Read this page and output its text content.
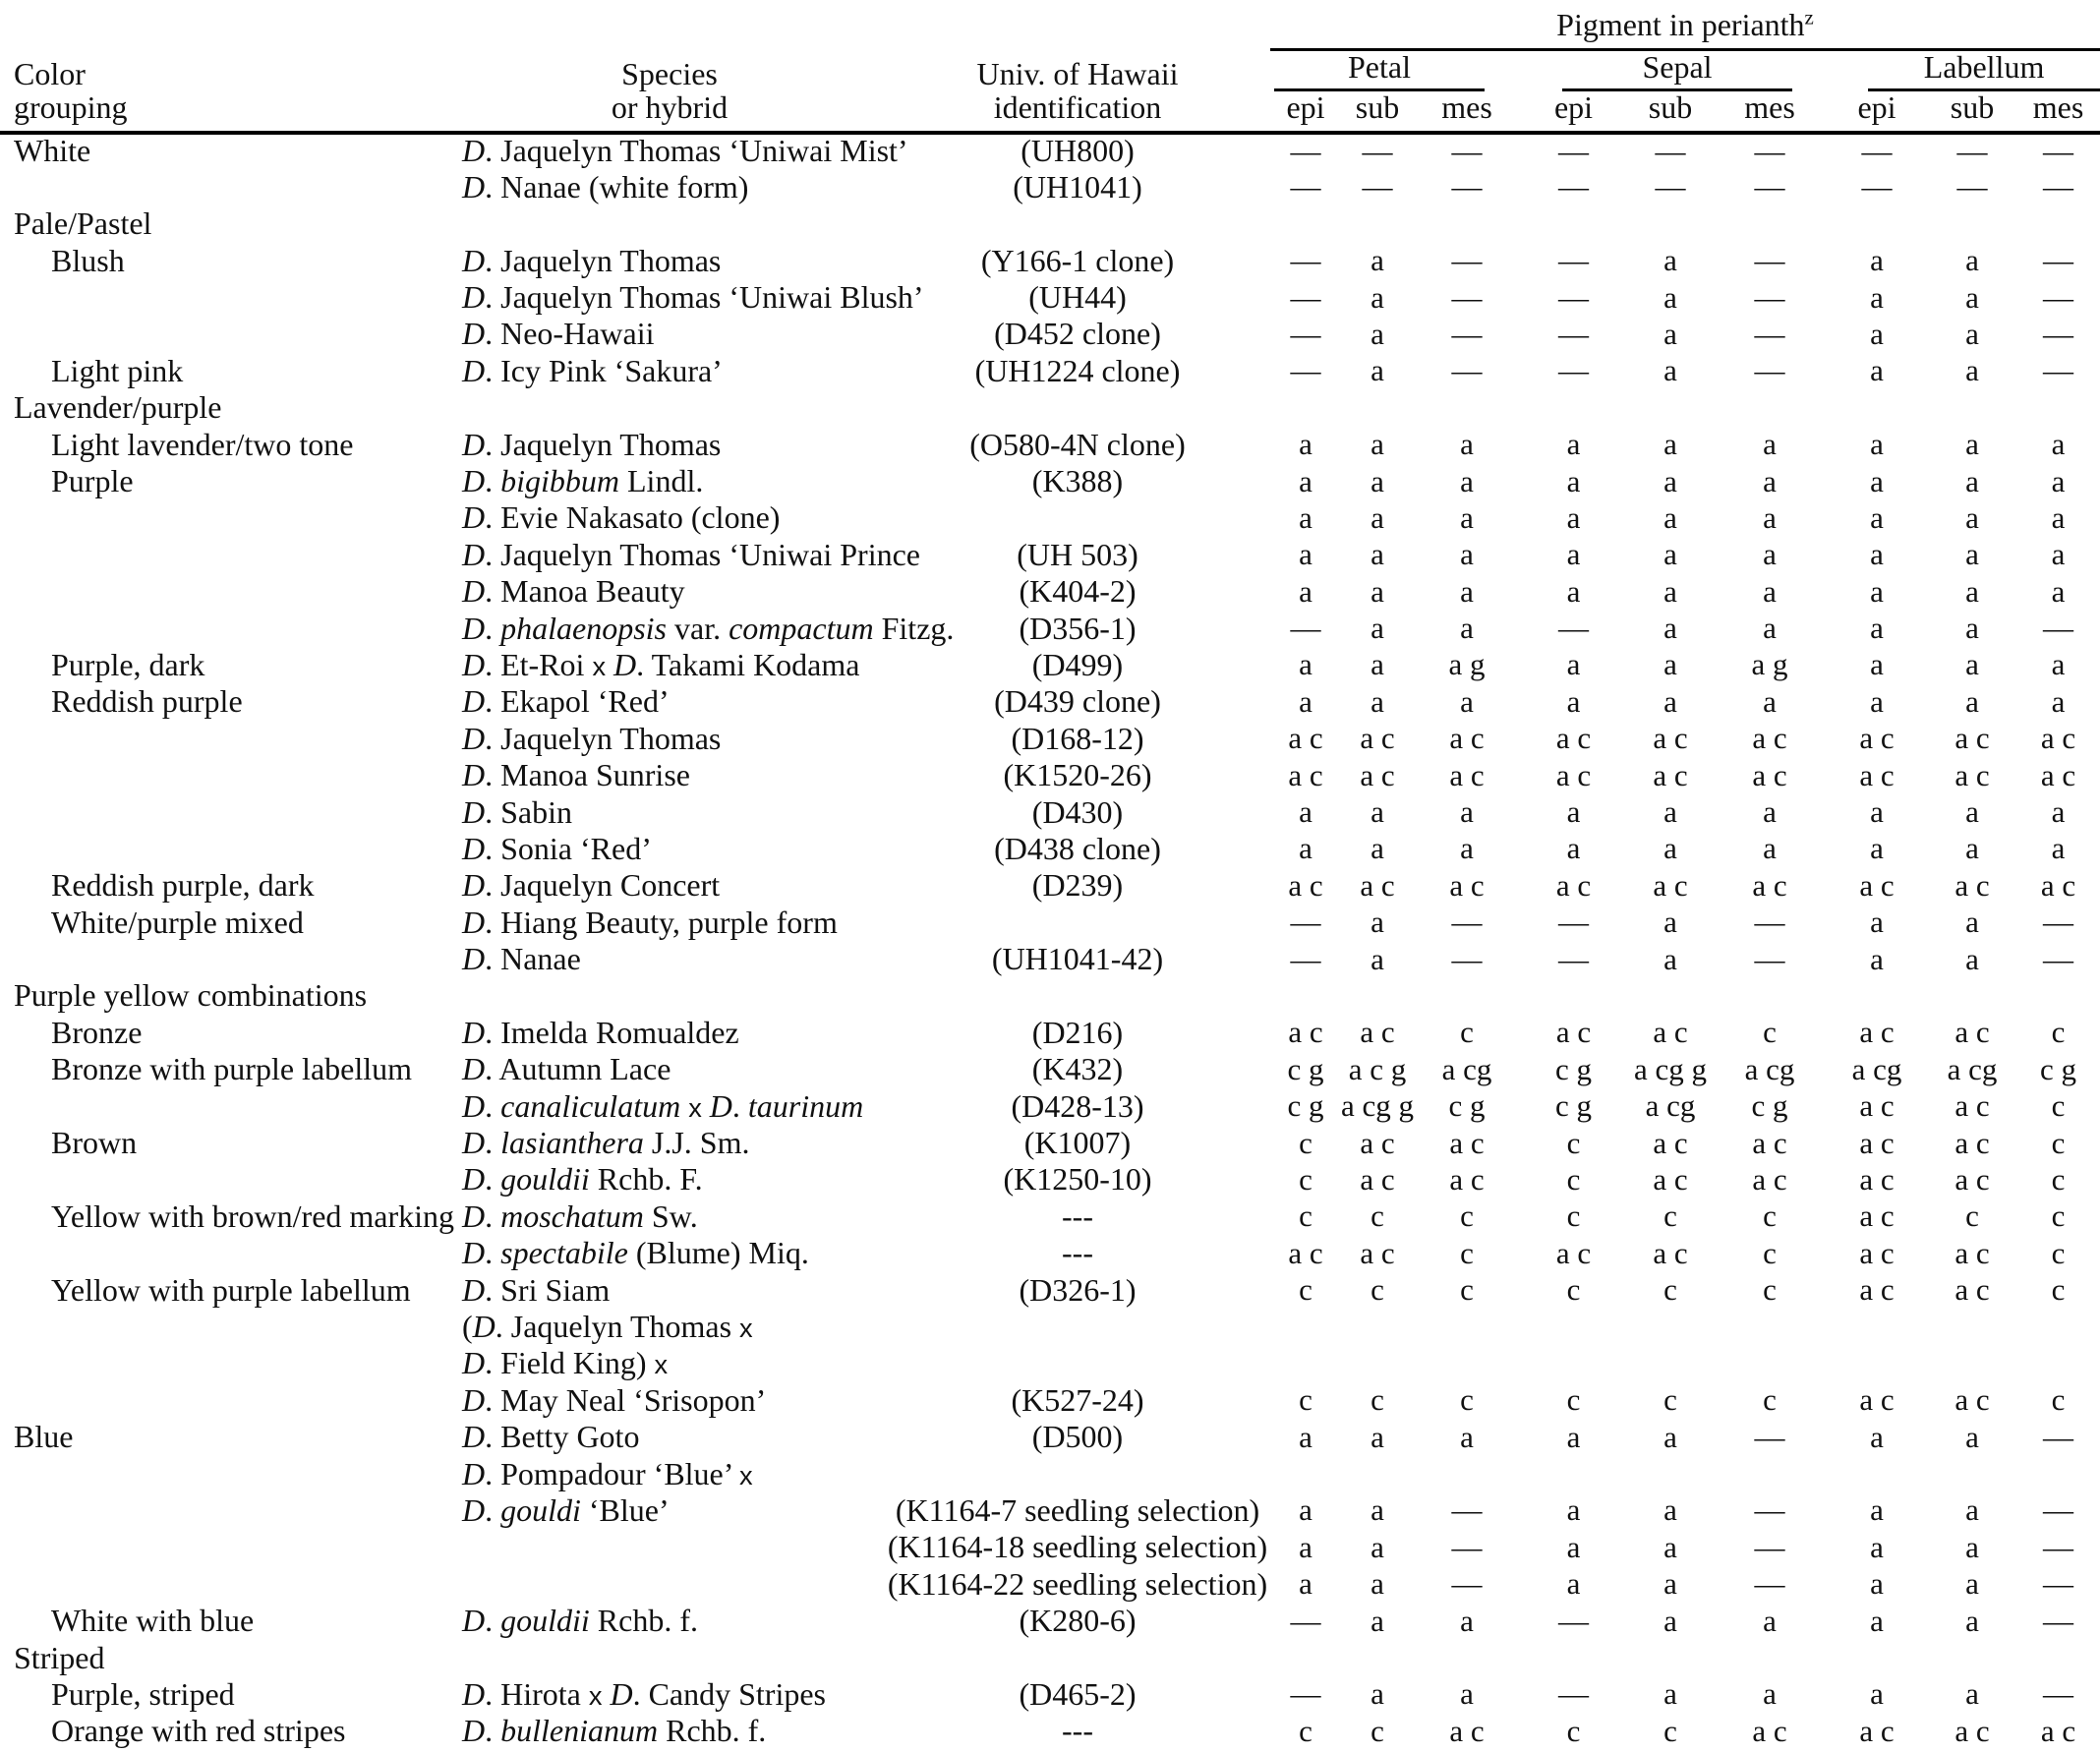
			Pigment in perianth$^z$

Color	Species	Univ. of Hawaii	Petal			Sepal			Labellum		

grouping	or hybrid	identification	epi	sub	mes	epi	sub	mes	epi	sub	mes
White	D. Jaquelyn Thomas ‘Uniwai Mist’	(UH800)	—	—	—	—	—	—	—	—	—
	D. Nanae (white form)	(UH1041)	—	—	—	—	—	—	—	—	—
Pale/Pastel											
Blush	D. Jaquelyn Thomas	(Y166-1 clone)	—	a	—	—	a	—	a	a	—
	D. Jaquelyn Thomas ‘Uniwai Blush’	(UH44)	—	a	—	—	a	—	a	a	—
	D. Neo-Hawaii	(D452 clone)	—	a	—	—	a	—	a	a	—
Light pink	D. Icy Pink ‘Sakura’	(UH1224 clone)	—	a	—	—	a	—	a	a	—
Lavender/purple											
Light lavender/two tone	D. Jaquelyn Thomas	(O580-4N clone)	a	a	a	a	a	a	a	a	a
Purple	D. bigibbum Lindl.	(K388)	a	a	a	a	a	a	a	a	a
	D. Evie Nakasato (clone)		a	a	a	a	a	a	a	a	a
	D. Jaquelyn Thomas ‘Uniwai Prince	(UH 503)	a	a	a	a	a	a	a	a	a
	D. Manoa Beauty	(K404-2)	a	a	a	a	a	a	a	a	a
	D. phalaenopsis var. compactum Fitzg.	(D356-1)	—	a	a	—	a	a	a	a	—
Purple, dark	D. Et-Roi x D. Takami Kodama	(D499)	a	a	a g	a	a	a g	a	a	a
Reddish purple	D. Ekapol ‘Red’	(D439 clone)	a	a	a	a	a	a	a	a	a
	D. Jaquelyn Thomas	(D168-12)	a c	a c	a c	a c	a c	a c	a c	a c	a c
	D. Manoa Sunrise	(K1520-26)	a c	a c	a c	a c	a c	a c	a c	a c	a c
	D. Sabin	(D430)	a	a	a	a	a	a	a	a	a
	D. Sonia ‘Red’	(D438 clone)	a	a	a	a	a	a	a	a	a
Reddish purple, dark	D. Jaquelyn Concert	(D239)	a c	a c	a c	a c	a c	a c	a c	a c	a c
White/purple mixed	D. Hiang Beauty, purple form		—	a	—	—	a	—	a	a	—
	D. Nanae	(UH1041-42)	—	a	—	—	a	—	a	a	—
Purple yellow combinations											
Bronze	D. Imelda Romualdez	(D216)	a c	a c	c	a c	a c	c	a c	a c	c
Bronze with purple labellum	D. Autumn Lace	(K432)	c g	a c g	a cg	c g	a cg g	a cg	a cg	a cg	c g
	D. canaliculatum x D. taurinum	(D428-13)	c g	a cg g	c g	c g	a cg	c g	a c	a c	c
Brown	D. lasianthera J.J. Sm.	(K1007)	c	a c	a c	c	a c	a c	a c	a c	c
	D. gouldii Rchb. F.	(K1250-10)	c	a c	a c	c	a c	a c	a c	a c	c
Yellow with brown/red marking	D. moschatum Sw.	---	c	c	c	c	c	c	a c	c	c
	D. spectabile (Blume) Miq.	---	a c	a c	c	a c	a c	c	a c	a c	c
Yellow with purple labellum	D. Sri Siam	(D326-1)	c	c	c	c	c	c	a c	a c	c
	(D. Jaquelyn Thomas x										
	D. Field King) x										
	D. May Neal ‘Srisopon’	(K527-24)	c	c	c	c	c	c	a c	a c	c
Blue	D. Betty Goto	(D500)	a	a	a	a	a	—	a	a	—
	D. Pompadour ‘Blue’ x										
	D. gouldi ‘Blue’	(K1164-7 seedling selection)	a	a	—	a	a	—	a	a	—
		(K1164-18 seedling selection)	a	a	—	a	a	—	a	a	—
		(K1164-22 seedling selection)	a	a	—	a	a	—	a	a	—
White with blue	D. gouldii Rchb. f.	(K280-6)	—	a	a	—	a	a	a	a	—
Striped											
Purple, striped	D. Hirota x D. Candy Stripes	(D465-2)	—	a	a	—	a	a	a	a	—
Orange with red stripes	D. bullenianum Rchb. f.	---	c	c	a c	c	c	a c	a c	a c	a c
